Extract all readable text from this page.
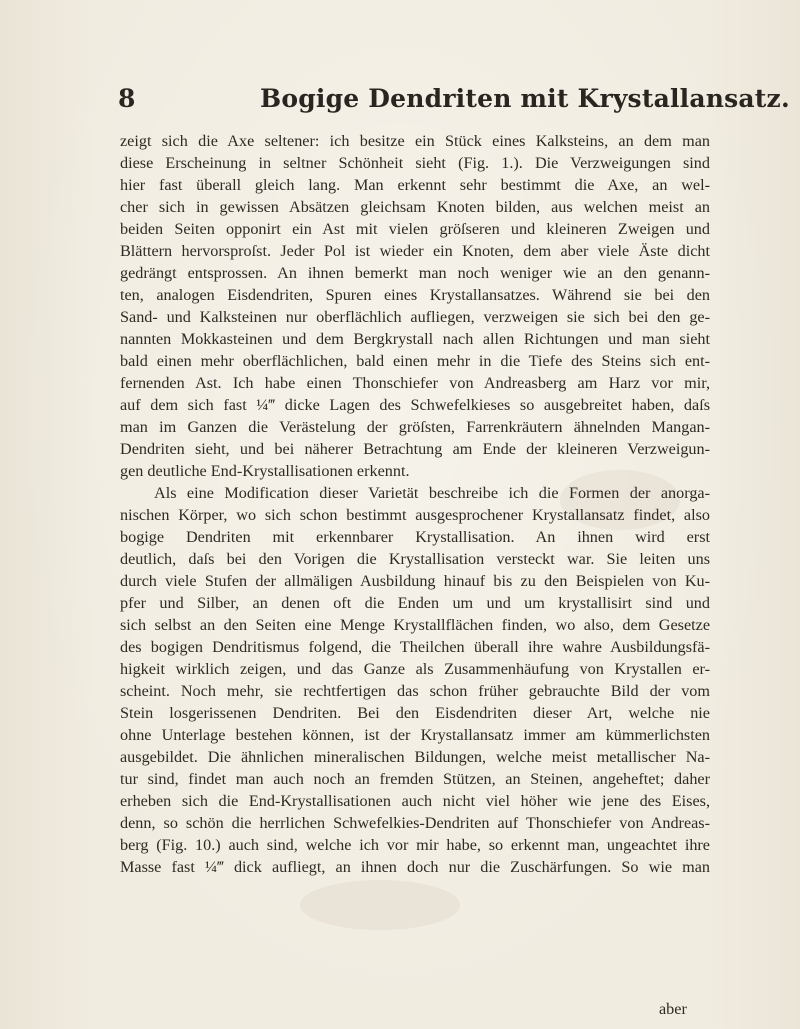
8	Bogige Dendriten mit Krystallansatz.
zeigt sich die Axe seltener: ich besitze ein Stück eines Kalksteins, an dem man
diese Erscheinung in seltner Schönheit sieht (Fig. 1.). Die Verzweigungen sind
hier fast überall gleich lang. Man erkennt sehr bestimmt die Axe, an wel-
cher sich in gewissen Absätzen gleichsam Knoten bilden, aus welchen meist an
beiden Seiten opponirt ein Ast mit vielen gröſseren und kleineren Zweigen und
Blättern hervorsproſst. Jeder Pol ist wieder ein Knoten, dem aber viele Äste dicht
gedrängt entsprossen. An ihnen bemerkt man noch weniger wie an den genann-
ten, analogen Eisdendriten, Spuren eines Krystallansatzes. Während sie bei den
Sand- und Kalksteinen nur oberflächlich aufliegen, verzweigen sie sich bei den ge-
nannten Mokkasteinen und dem Bergkrystall nach allen Richtungen und man sieht
bald einen mehr oberflächlichen, bald einen mehr in die Tiefe des Steins sich ent-
fernenden Ast. Ich habe einen Thonschiefer von Andreasberg am Harz vor mir,
auf dem sich fast ¼‴ dicke Lagen des Schwefelkieses so ausgebreitet haben, daſs
man im Ganzen die Verästelung der gröſsten, Farrenkräutern ähnelnden Mangan-
Dendriten sieht, und bei näherer Betrachtung am Ende der kleineren Verzweigun-
gen deutliche End-Krystallisationen erkennt.
Als eine Modification dieser Varietät beschreibe ich die Formen der anorga-
nischen Körper, wo sich schon bestimmt ausgesprochener Krystallansatz findet, also
bogige Dendriten mit erkennbarer Krystallisation. An ihnen wird erst
deutlich, daſs bei den Vorigen die Krystallisation versteckt war. Sie leiten uns
durch viele Stufen der allmäligen Ausbildung hinauf bis zu den Beispielen von Ku-
pfer und Silber, an denen oft die Enden um und um krystallisirt sind und
sich selbst an den Seiten eine Menge Krystallflächen finden, wo also, dem Gesetze
des bogigen Dendritismus folgend, die Theilchen überall ihre wahre Ausbildungsfä-
higkeit wirklich zeigen, und das Ganze als Zusammenhäufung von Krystallen er-
scheint. Noch mehr, sie rechtfertigen das schon früher gebrauchte Bild der vom
Stein losgerissenen Dendriten. Bei den Eisdendriten dieser Art, welche nie
ohne Unterlage bestehen können, ist der Krystallansatz immer am kümmerlichsten
ausgebildet. Die ähnlichen mineralischen Bildungen, welche meist metallischer Na-
tur sind, findet man auch noch an fremden Stützen, an Steinen, angeheftet; daher
erheben sich die End-Krystallisationen auch nicht viel höher wie jene des Eises,
denn, so schön die herrlichen Schwefelkies-Dendriten auf Thonschiefer von Andreas-
berg (Fig. 10.) auch sind, welche ich vor mir habe, so erkennt man, ungeachtet ihre
Masse fast ¼‴ dick aufliegt, an ihnen doch nur die Zuschärfungen. So wie man
aber
